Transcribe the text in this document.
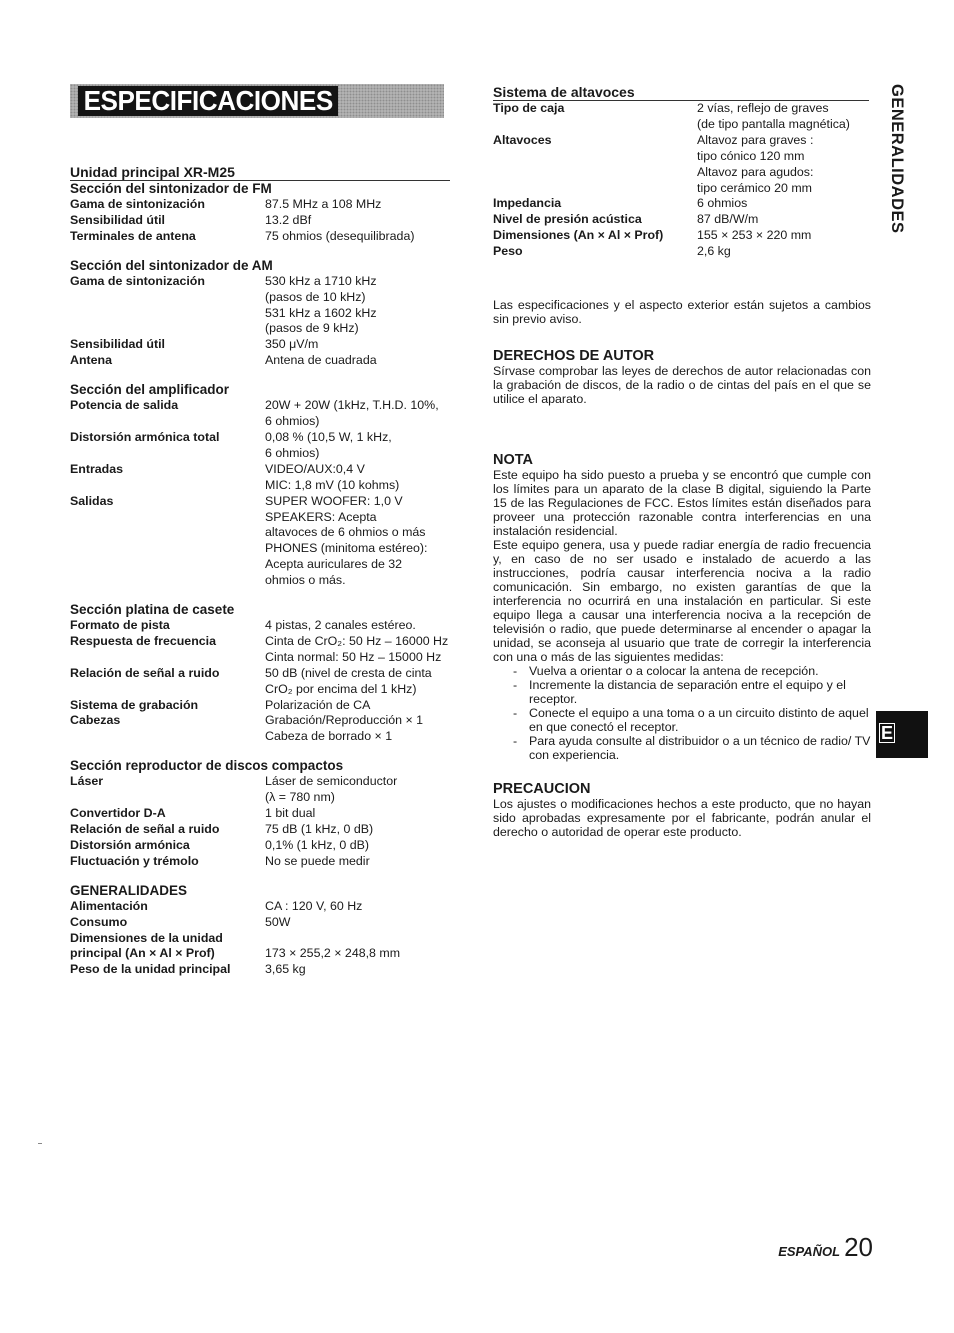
ESPECIFICACIONES
Unidad principal XR-M25
Sección del sintonizador de FM
Gama de sintonización	87.5 MHz a 108 MHz
Sensibilidad útil	13.2 dBf
Terminales de antena	75 ohmios (desequilibrada)
Sección del sintonizador de AM
Gama de sintonización	530 kHz a 1710 kHz
(pasos de 10 kHz)
531 kHz a 1602 kHz
(pasos de 9 kHz)
Sensibilidad útil	350 μV/m
Antena	Antena de cuadrada
Sección del amplificador
Potencia de salida	20W + 20W (1kHz, T.H.D. 10%,
6 ohmios)
Distorsión armónica total	0,08 % (10,5 W, 1 kHz,
6 ohmios)
Entradas	VIDEO/AUX:0,4 V
MIC: 1,8 mV (10 kohms)
Salidas	SUPER WOOFER: 1,0 V
SPEAKERS: Acepta
altavoces de 6 ohmios o más
PHONES (minitoma estéreo):
Acepta auriculares de 32
ohmios o más.
Sección platina de casete
Formato de pista	4 pistas, 2 canales estéreo.
Respuesta de frecuencia	Cinta de CrO₂: 50 Hz – 16000 Hz
Cinta normal: 50 Hz – 15000 Hz
Relación de señal a ruido	50 dB (nivel de cresta de cinta
CrO₂ por encima del 1 kHz)
Sistema de grabación	Polarización de CA
Cabezas	Grabación/Reproducción × 1
Cabeza de borrado × 1
Sección reproductor de discos compactos
Láser	Láser de semiconductor
(λ = 780 nm)
Convertidor D-A	1 bit dual
Relación de señal a ruido	75 dB (1 kHz, 0 dB)
Distorsión armónica	0,1% (1 kHz, 0 dB)
Fluctuación y trémolo	No se puede medir
GENERALIDADES
Alimentación	CA : 120 V, 60 Hz
Consumo	50W
Dimensiones de la unidad
principal (An × Al × Prof)	
173 × 255,2 × 248,8 mm
Peso de la unidad principal	3,65 kg
Sistema de altavoces
Tipo de caja	2 vías, reflejo de graves
(de tipo pantalla magnética)
Altavoces	Altavoz para graves :
tipo cónico 120 mm
Altavoz para agudos:
tipo cerámico 20 mm
Impedancia	6 ohmios
Nivel de presión acústica	87 dB/W/m
Dimensiones (An × Al × Prof)	155 × 253 × 220 mm
Peso	2,6 kg

Las especificaciones y el aspecto exterior están sujetos a cambios sin previo aviso.

DERECHOS DE AUTOR

Sírvase comprobar las leyes de derechos de autor relacionadas con la grabación de discos, de la radio o de cintas del país en el que se utilice el aparato.

NOTA

Este equipo ha sido puesto a prueba y se encontró que cumple con los límites para un aparato de la clase B digital, siguiendo la Parte 15 de las Regulaciones de FCC. Estos límites están diseñados para proveer una protección razonable contra interferencias en una instalación residencial.

Este equipo genera, usa y puede radiar energía de radio frecuencia y, en caso de no ser usado e instalado de acuerdo a las instrucciones, podría causar interferencia nociva a la radio comunicación. Sin embargo, no existen garantías de que la interferencia no ocurrirá en una instalación en particular. Si este equipo llega a causar una interferencia nociva a la recepción de televisión o radio, que puede determinarse al encender o apagar la unidad, se aconseja al usuario que trate de corregir la interferencia con una o más de las siguientes medidas:

- Vuelva a orientar o a colocar la antena de recepción.
- Incremente la distancia de separación entre el equipo y el receptor.
- Conecte el equipo a una toma o a un circuito distinto de aquel en que conectó el receptor.
- Para ayuda consulte al distribuidor o a un técnico de radio/ TV con experiencia.
PRECAUCION

Los ajustes o modificaciones hechos a este producto, que no hayan sido aprobadas expresamente por el fabricante, podrán anular el derecho o autoridad de operar este producto.

GENERALIDADES
E
ESPAÑOL 20
